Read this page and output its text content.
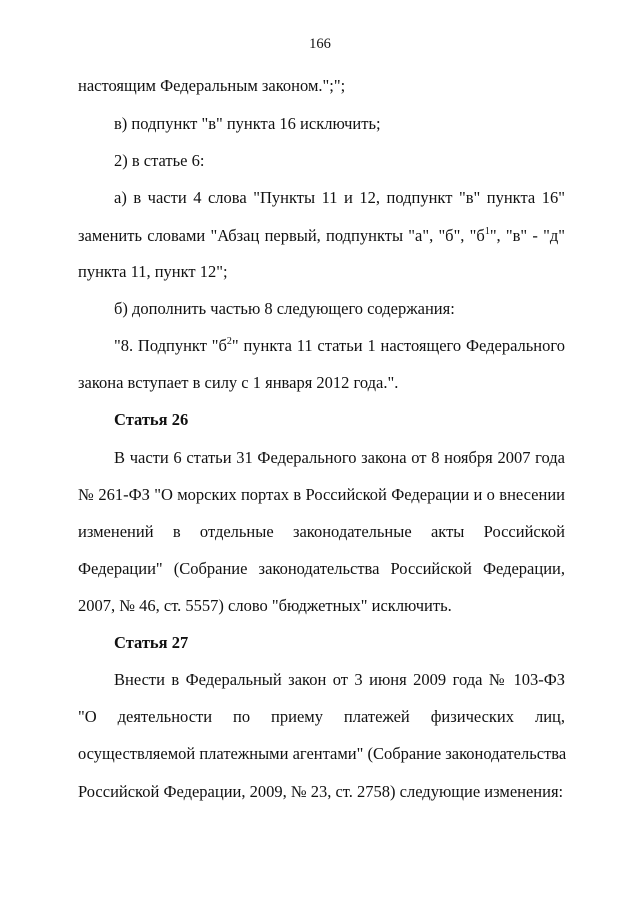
166
настоящим Федеральным законом.";";
в) подпункт "в" пункта 16 исключить;
2) в статье 6:
а) в части 4 слова "Пункты 11 и 12, подпункт "в" пункта 16"
заменить словами "Абзац первый, подпункты "а", "б", "$б^1$", "в" - "д"
пункта 11, пункт 12";
б) дополнить частью 8 следующего содержания:
"8. Подпункт "$б^2$" пункта 11 статьи 1 настоящего Федерального
закона вступает в силу с 1 января 2012 года.".
Статья 26
В части 6 статьи 31 Федерального закона от 8 ноября 2007 года
№ 261-ФЗ "О морских портах в Российской Федерации и о внесении
изменений в отдельные законодательные акты Российской
Федерации" (Собрание законодательства Российской Федерации,
2007, № 46, ст. 5557) слово "бюджетных" исключить.
Статья 27
Внести в Федеральный закон от 3 июня 2009 года № 103-ФЗ
"О деятельности по приему платежей физических лиц,
осуществляемой платежными агентами" (Собрание законодательства
Российской Федерации, 2009, № 23, ст. 2758) следующие изменения:
